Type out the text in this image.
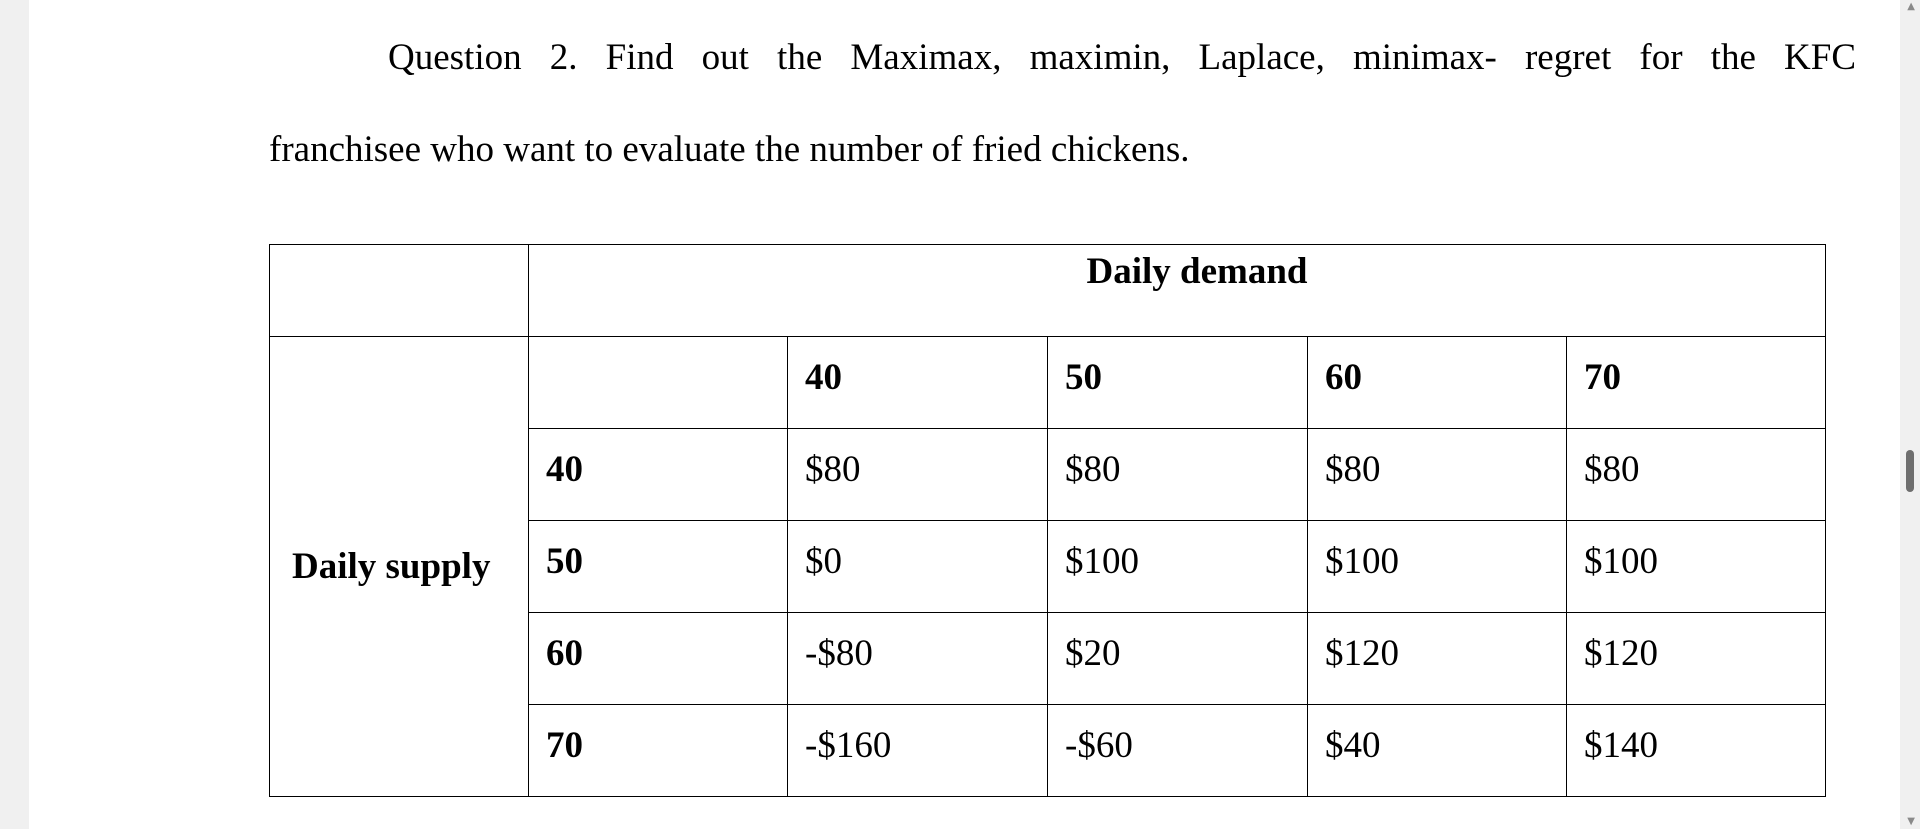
Question 2. Find out the Maximax, maximin, Laplace, minimax- regret for the KFC
franchisee who want to evaluate the number of fried chickens.
	Daily demand				
Daily supply		40	50	60	70
	40	$80	$80	$80	$80
	50	$0	$100	$100	$100
	60	-$80	$20	$120	$120
	70	-$160	-$60	$40	$140
▲
▼
